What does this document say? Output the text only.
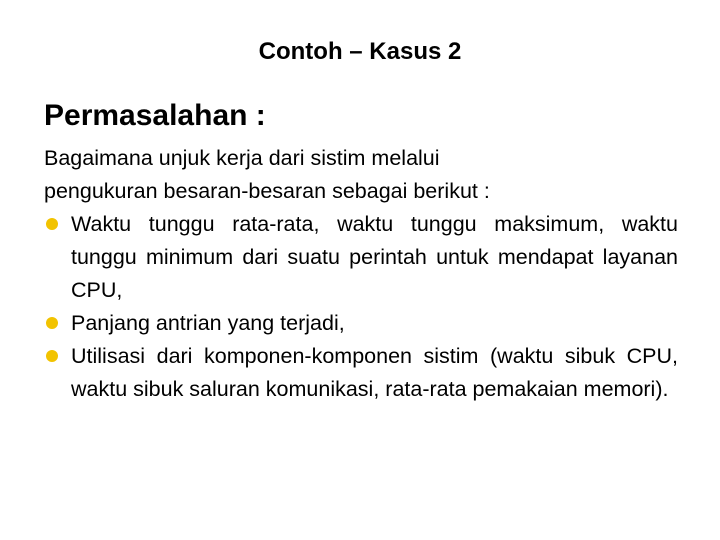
Contoh – Kasus 2
Permasalahan :
Bagaimana unjuk kerja dari sistim melalui
pengukuran besaran-besaran sebagai berikut :
Waktu tunggu rata-rata, waktu tunggu maksimum, waktu tunggu minimum dari suatu perintah untuk mendapat layanan CPU,
Panjang antrian yang terjadi,
Utilisasi dari komponen-komponen sistim (waktu sibuk CPU, waktu sibuk saluran komunikasi, rata-rata pemakaian memori).
